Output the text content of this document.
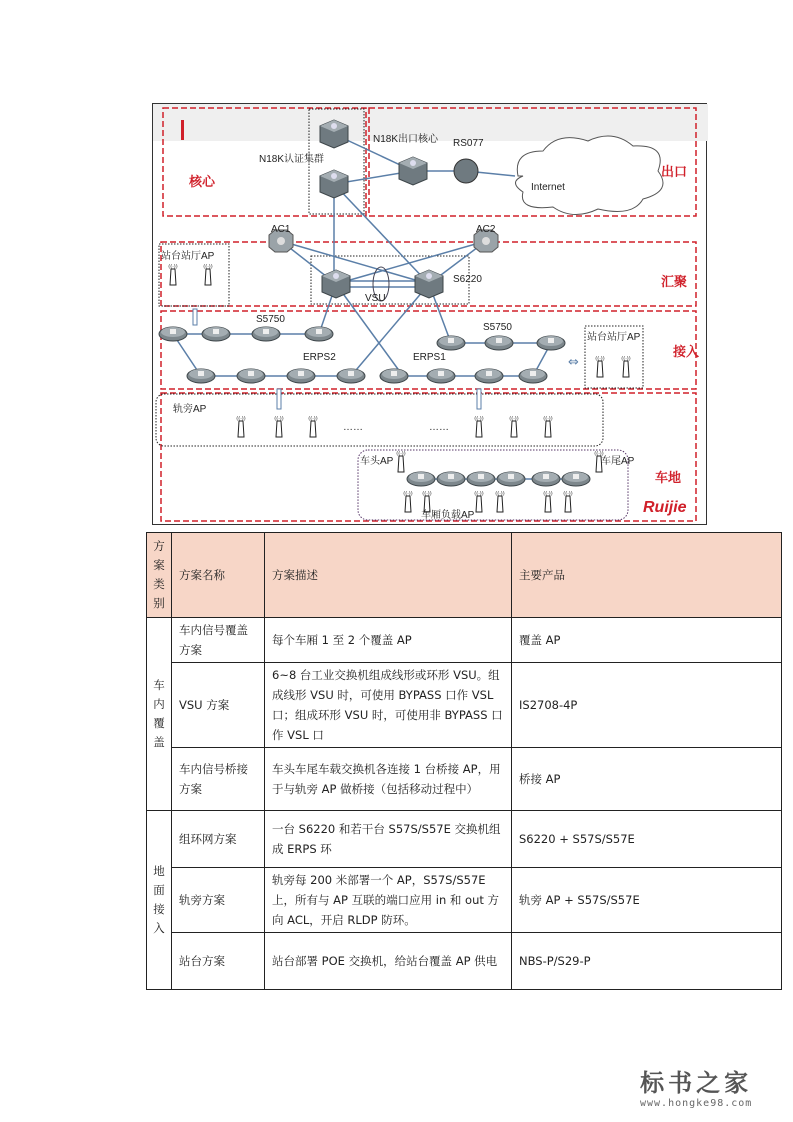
((·))
⇔
核心
出口
汇聚
接入
车地
N18K认证集群
N18K出口核心 RS077
Internet
AC1	AC2
站台站厅AP
S6220
VSU
S5750
S5750
ERPS2	ERPS1
站台站厅AP
轨旁AP
……	……
车头AP	车尾AP
车厢负载AP	Ruijie
方案类别	方案名称	方案描述	主要产品
车内覆盖	车内信号覆盖方案	每个车厢 1 至 2 个覆盖 AP	覆盖 AP
	VSU 方案	6~8 台工业交换机组成线形或环形 VSU。组成线形 VSU 时，可使用 BYPASS 口作 VSL 口；组成环形 VSU 时，可使用非 BYPASS 口作 VSL 口	IS2708-4P
	车内信号桥接方案	车头车尾车载交换机各连接 1 台桥接 AP，用于与轨旁 AP 做桥接（包括移动过程中）	桥接 AP
地面接入	组环网方案	一台 S6220 和若干台 S57S/S57E 交换机组成 ERPS 环	S6220 + S57S/S57E
	轨旁方案	轨旁每 200 米部署一个 AP，S57S/S57E 上，所有与 AP 互联的端口应用 in 和 out 方向 ACL，开启 RLDP 防环。	轨旁 AP + S57S/S57E
	站台方案	站台部署 POE 交换机，给站台覆盖 AP 供电	NBS-P/S29-P
标书之家
www.hongke98.com
